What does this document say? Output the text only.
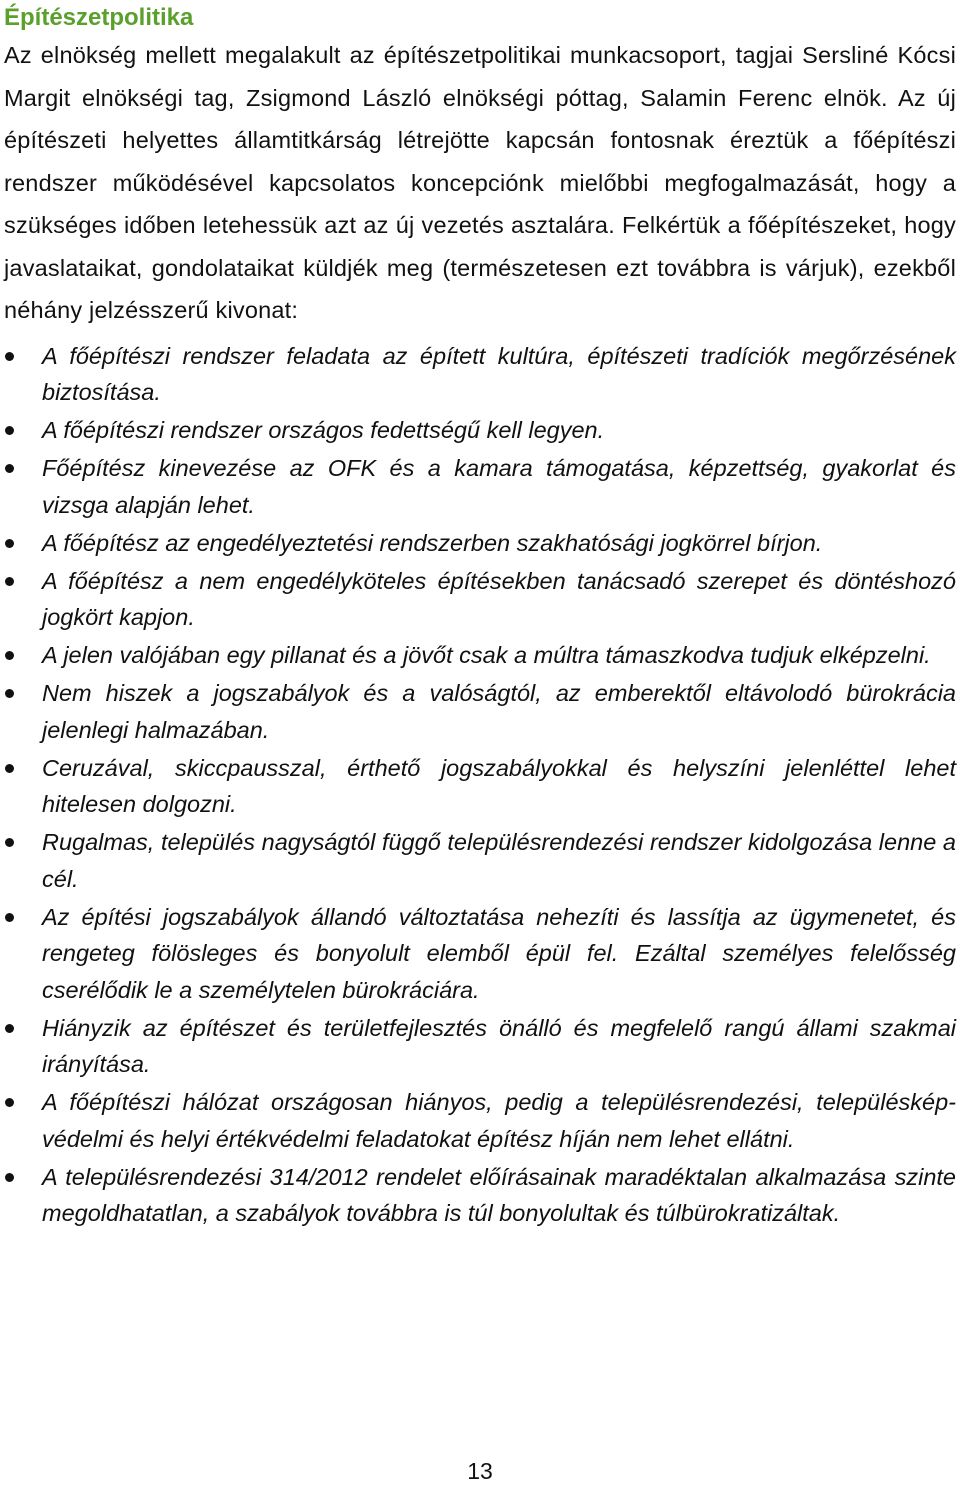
Építészetpolitika

Az elnökség mellett megalakult az építészetpolitikai munkacsoport, tagjai Sersliné Kócsi Margit elnökségi tag, Zsigmond László elnökségi póttag, Salamin Ferenc elnök. Az új építészeti helyettes államtitkárság létrejötte kapcsán fontosnak éreztük a főépítészi rendszer működésével kapcsolatos koncepciónk mielőbbi megfogalmazását, hogy a szükséges időben letehessük azt az új vezetés asztalára. Felkértük a főépítészeket, hogy javaslataikat, gondolataikat küldjék meg (természetesen ezt továbbra is várjuk), ezekből néhány jelzésszerű kivonat:

A főépítészi rendszer feladata az épített kultúra, építészeti tradíciók megőrzésének biztosítása.
A főépítészi rendszer országos fedettségű kell legyen.
Főépítész kinevezése az OFK és a kamara támogatása, képzettség, gyakorlat és vizsga alapján lehet.
A főépítész az engedélyeztetési rendszerben szakhatósági jogkörrel bírjon.
A főépítész a nem engedélyköteles építésekben tanácsadó szerepet és döntéshozó jogkört kapjon.
A jelen valójában egy pillanat és a jövőt csak a múltra támaszkodva tudjuk elképzelni.
Nem hiszek a jogszabályok és a valóságtól, az emberektől eltávolodó bürokrácia jelenlegi halmazában.
Ceruzával, skiccpausszal, érthető jogszabályokkal és helyszíni jelenléttel lehet hitelesen dolgozni.
Rugalmas, település nagyságtól függő településrendezési rendszer kidolgozása lenne a cél.
Az építési jogszabályok állandó változtatása nehezíti és lassítja az ügymenetet, és rengeteg fölösleges és bonyolult elemből épül fel. Ezáltal személyes felelősség cserélődik le a személytelen bürokráciára.
Hiányzik az építészet és területfejlesztés önálló és megfelelő rangú állami szakmai irányítása.
A főépítészi hálózat országosan hiányos, pedig a településrendezési, településkép-védelmi és helyi értékvédelmi feladatokat építész híján nem lehet ellátni.
A településrendezési 314/2012 rendelet előírásainak maradéktalan alkalmazása szinte megoldhatatlan, a szabályok továbbra is túl bonyolultak és túlbürokratizáltak.
13
